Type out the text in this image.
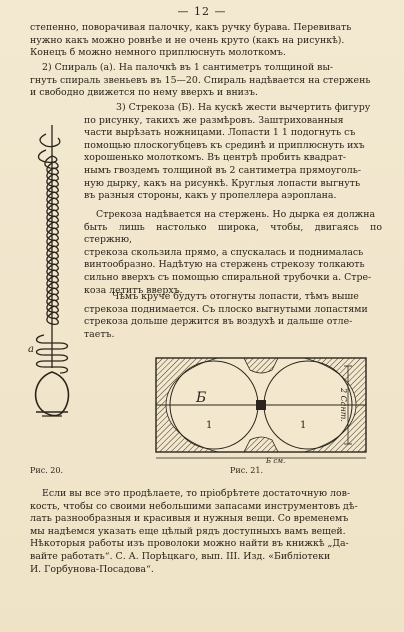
— 12 —
степенно, поворачивая палочку, какъ ручку бурава. Перевивать
нужно какъ можно ровнѣе и не очень круто (какъ на рисункѣ).
Конецъ б можно немного приплюснуть молоткомъ.
2) Спираль (а). На палочкѣ въ 1 сантиметръ толщиной вы-
гнуть спираль звеньевъ въ 15—20. Спираль надѣвается на стержень
и свободно движется по нему вверхъ и внизъ.
3) Стрекоза (Б). На кускѣ жести вычертить фигуру
по рисунку, такихъ же размѣровъ. Заштрихованныя
части вырѣзать ножницами. Лопасти 1 1 подогнуть съ
помощью плоскогубцевъ къ срединѣ и приплюснуть ихъ
хорошенько молоткомъ. Въ центрѣ пробить квадрат-
нымъ гвоздемъ толщиной въ 2 сантиметра прямоуголь-
ную дырку, какъ на рисункѣ. Круглыя лопасти выгнуть
въ разныя стороны, какъ у пропеллера аэроплана.
Стрекоза надѣвается на стержень. Но дырка ея должна
быть лишь настолько широка, чтобы, двигаясь по стержню,
стрекоза скользила прямо, а спускалась и поднималась
винтообразно. Надѣтую на стержень стрекозу толкають
сильно вверхъ съ помощью спиральной трубочки а. Стре-
коза летитъ вверхъ.
Чѣмъ круче будутъ отогнуты лопасти, тѣмъ выше
стрекоза поднимается. Съ плоско выгнутыми лопастями
стрекоза дольше держится въ воздухѣ и дальше отле-
таетъ.
а
Рис. 20.
Б
1	1
2 Сант.
Б см.
Рис. 21.
Если вы все это продѣлаете, то пріобрѣтете достаточную лов-
кость, чтобы со своими небольшими запасами инструментовъ дѣ-
лать разнообразныя и красивыя и нужныя вещи. Со временемъ
мы надѣемся указать еще цѣлый рядъ доступныхъ вамъ вещей.
Нѣкоторыя работы изъ проволоки можно найти въ книжкѣ „Да-
вайте работать“. С. А. Порѣцкаго, вып. III. Изд. «Библіотеки
И. Горбунова-Посадова“.
